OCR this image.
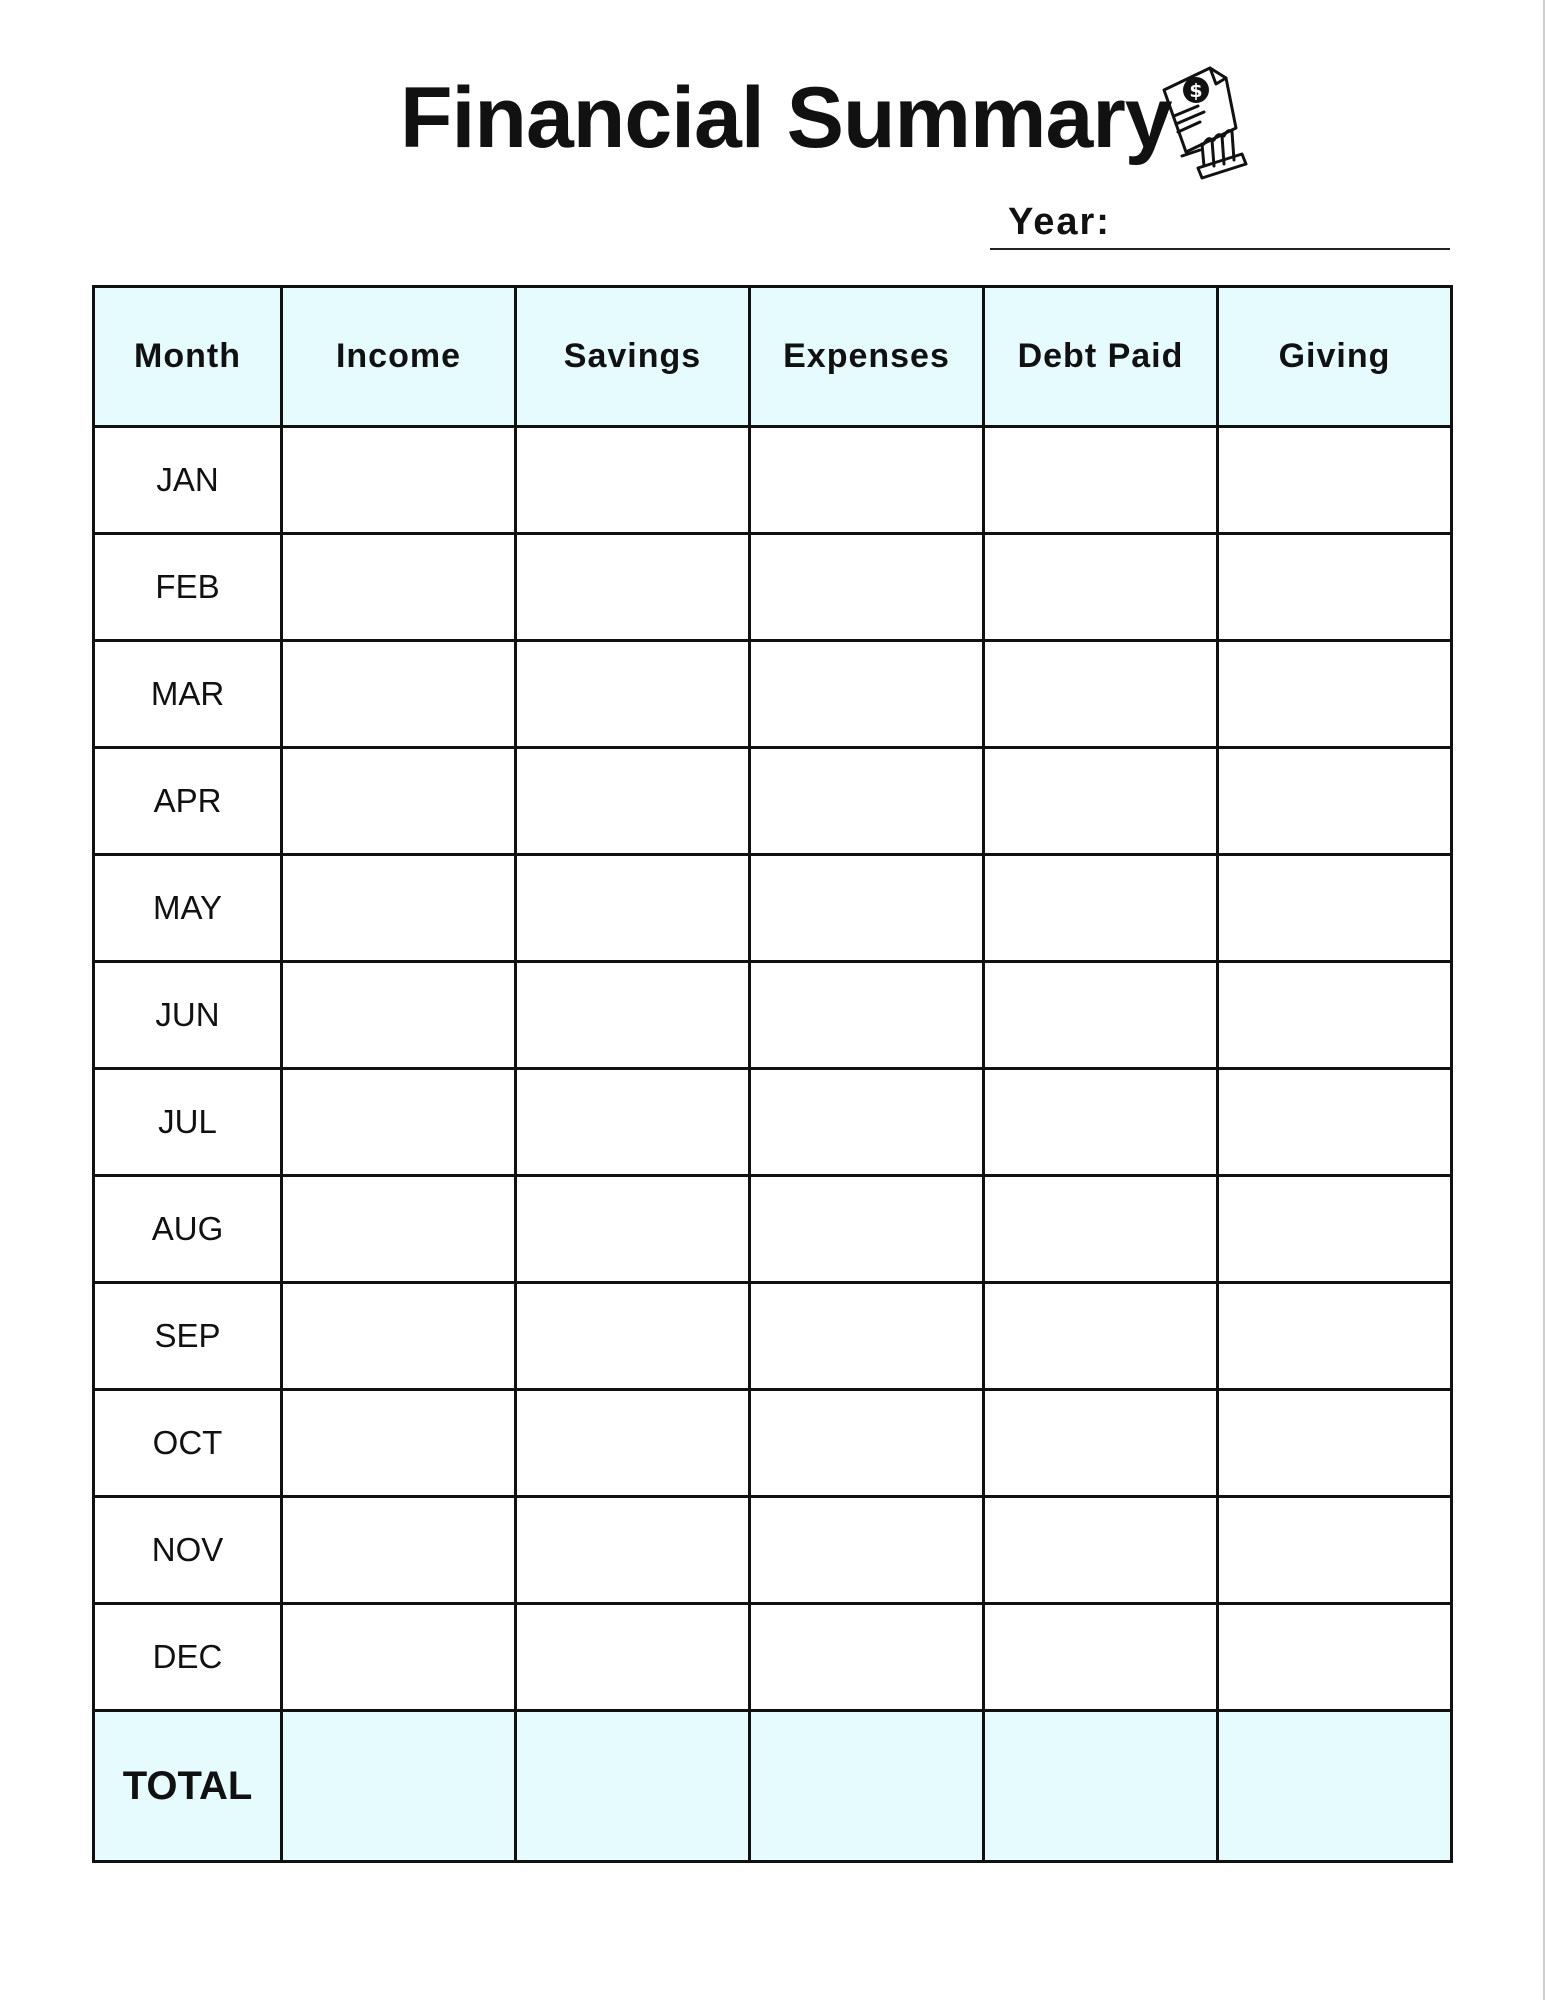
Financial Summary $
Year:
Month	Income	Savings	Expenses	Debt Paid	Giving
JAN					
FEB					
MAR					
APR					
MAY					
JUN					
JUL					
AUG					
SEP					
OCT					
NOV					
DEC					
TOTAL					
